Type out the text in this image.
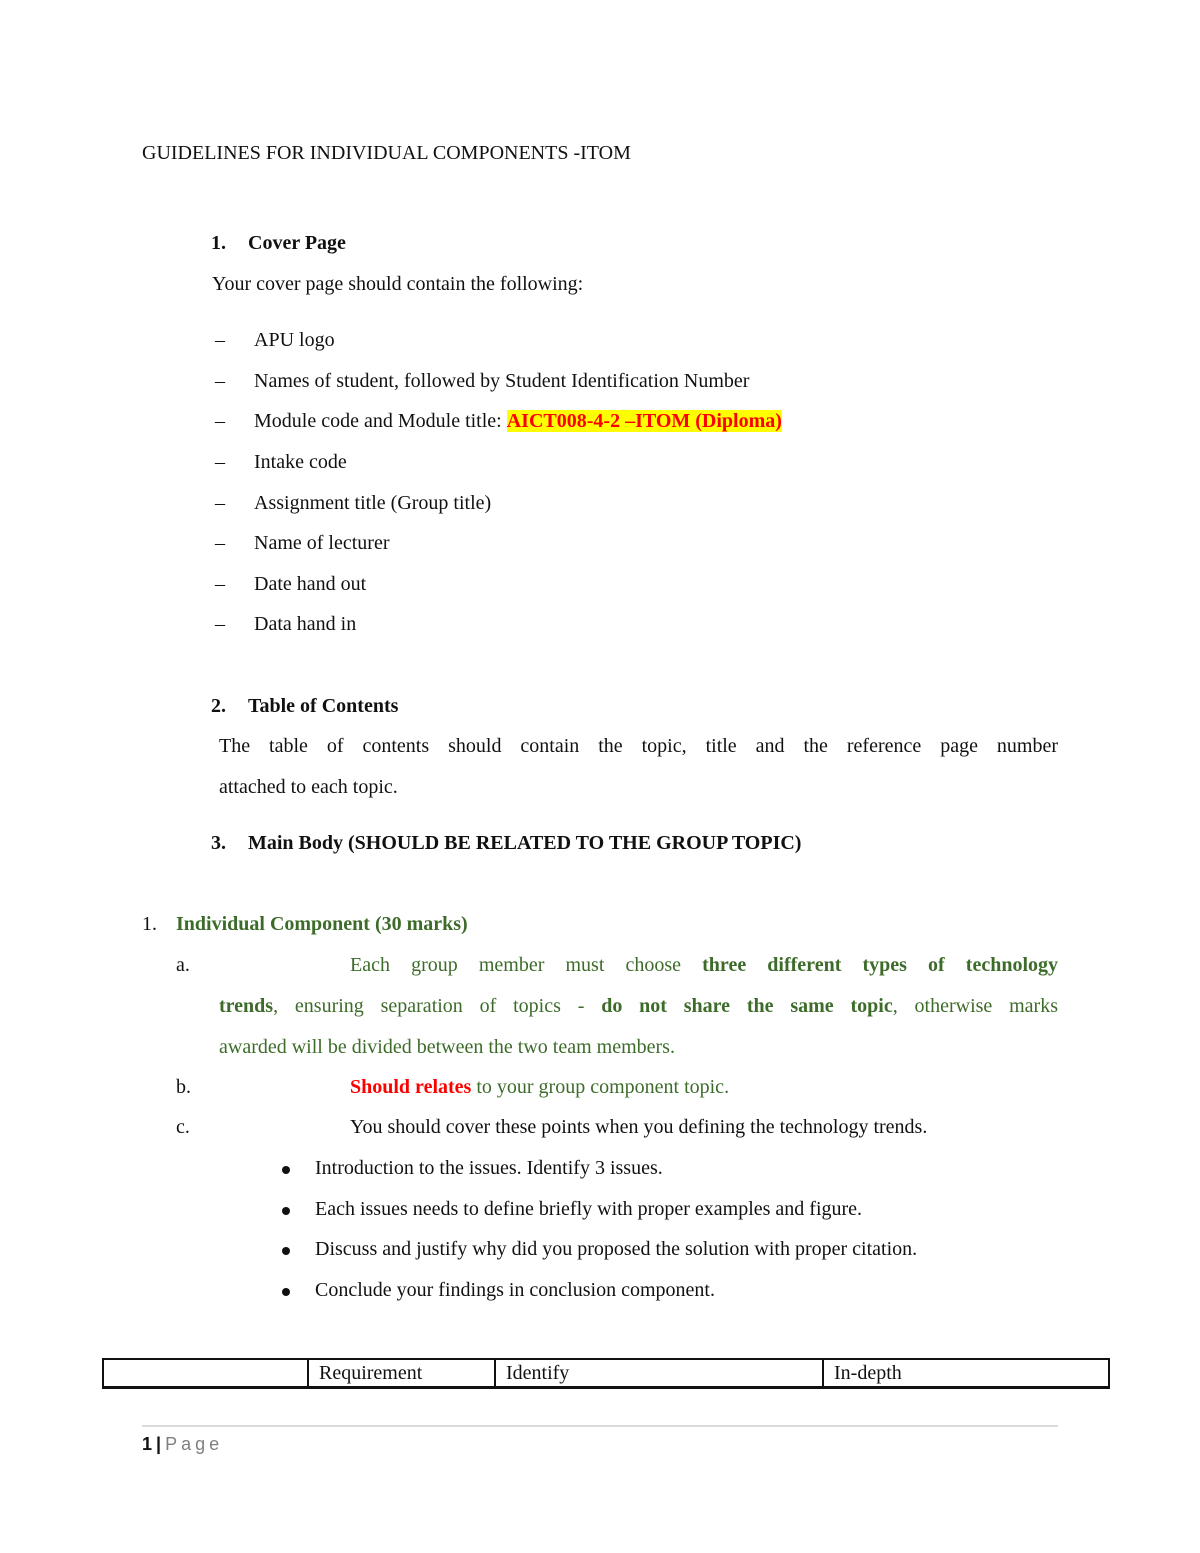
GUIDELINES FOR INDIVIDUAL COMPONENTS -ITOM
1. Cover Page
Your cover page should contain the following:
– APU logo
– Names of student, followed by Student Identification Number
– Module code and Module title: AICT008-4-2 –ITOM (Diploma)
– Intake code
– Assignment title (Group title)
– Name of lecturer
– Date hand out
– Data hand in
2. Table of Contents
The table of contents should contain the topic, title and the reference page number
attached to each topic.
3. Main Body (SHOULD BE RELATED TO THE GROUP TOPIC)
1. Individual Component (30 marks)
a.	Each group member must choose three different types of technology
trends, ensuring separation of topics - do not share the same topic, otherwise marks
awarded will be divided between the two team members.
b.	Should relates to your group component topic.
c.	You should cover these points when you defining the technology trends.
Introduction to the issues. Identify 3 issues.
Each issues needs to define briefly with proper examples and figure.
Discuss and justify why did you proposed the solution with proper citation.
Conclude your findings in conclusion component.
	Requirement	Identify	In-depth
1 | Page
